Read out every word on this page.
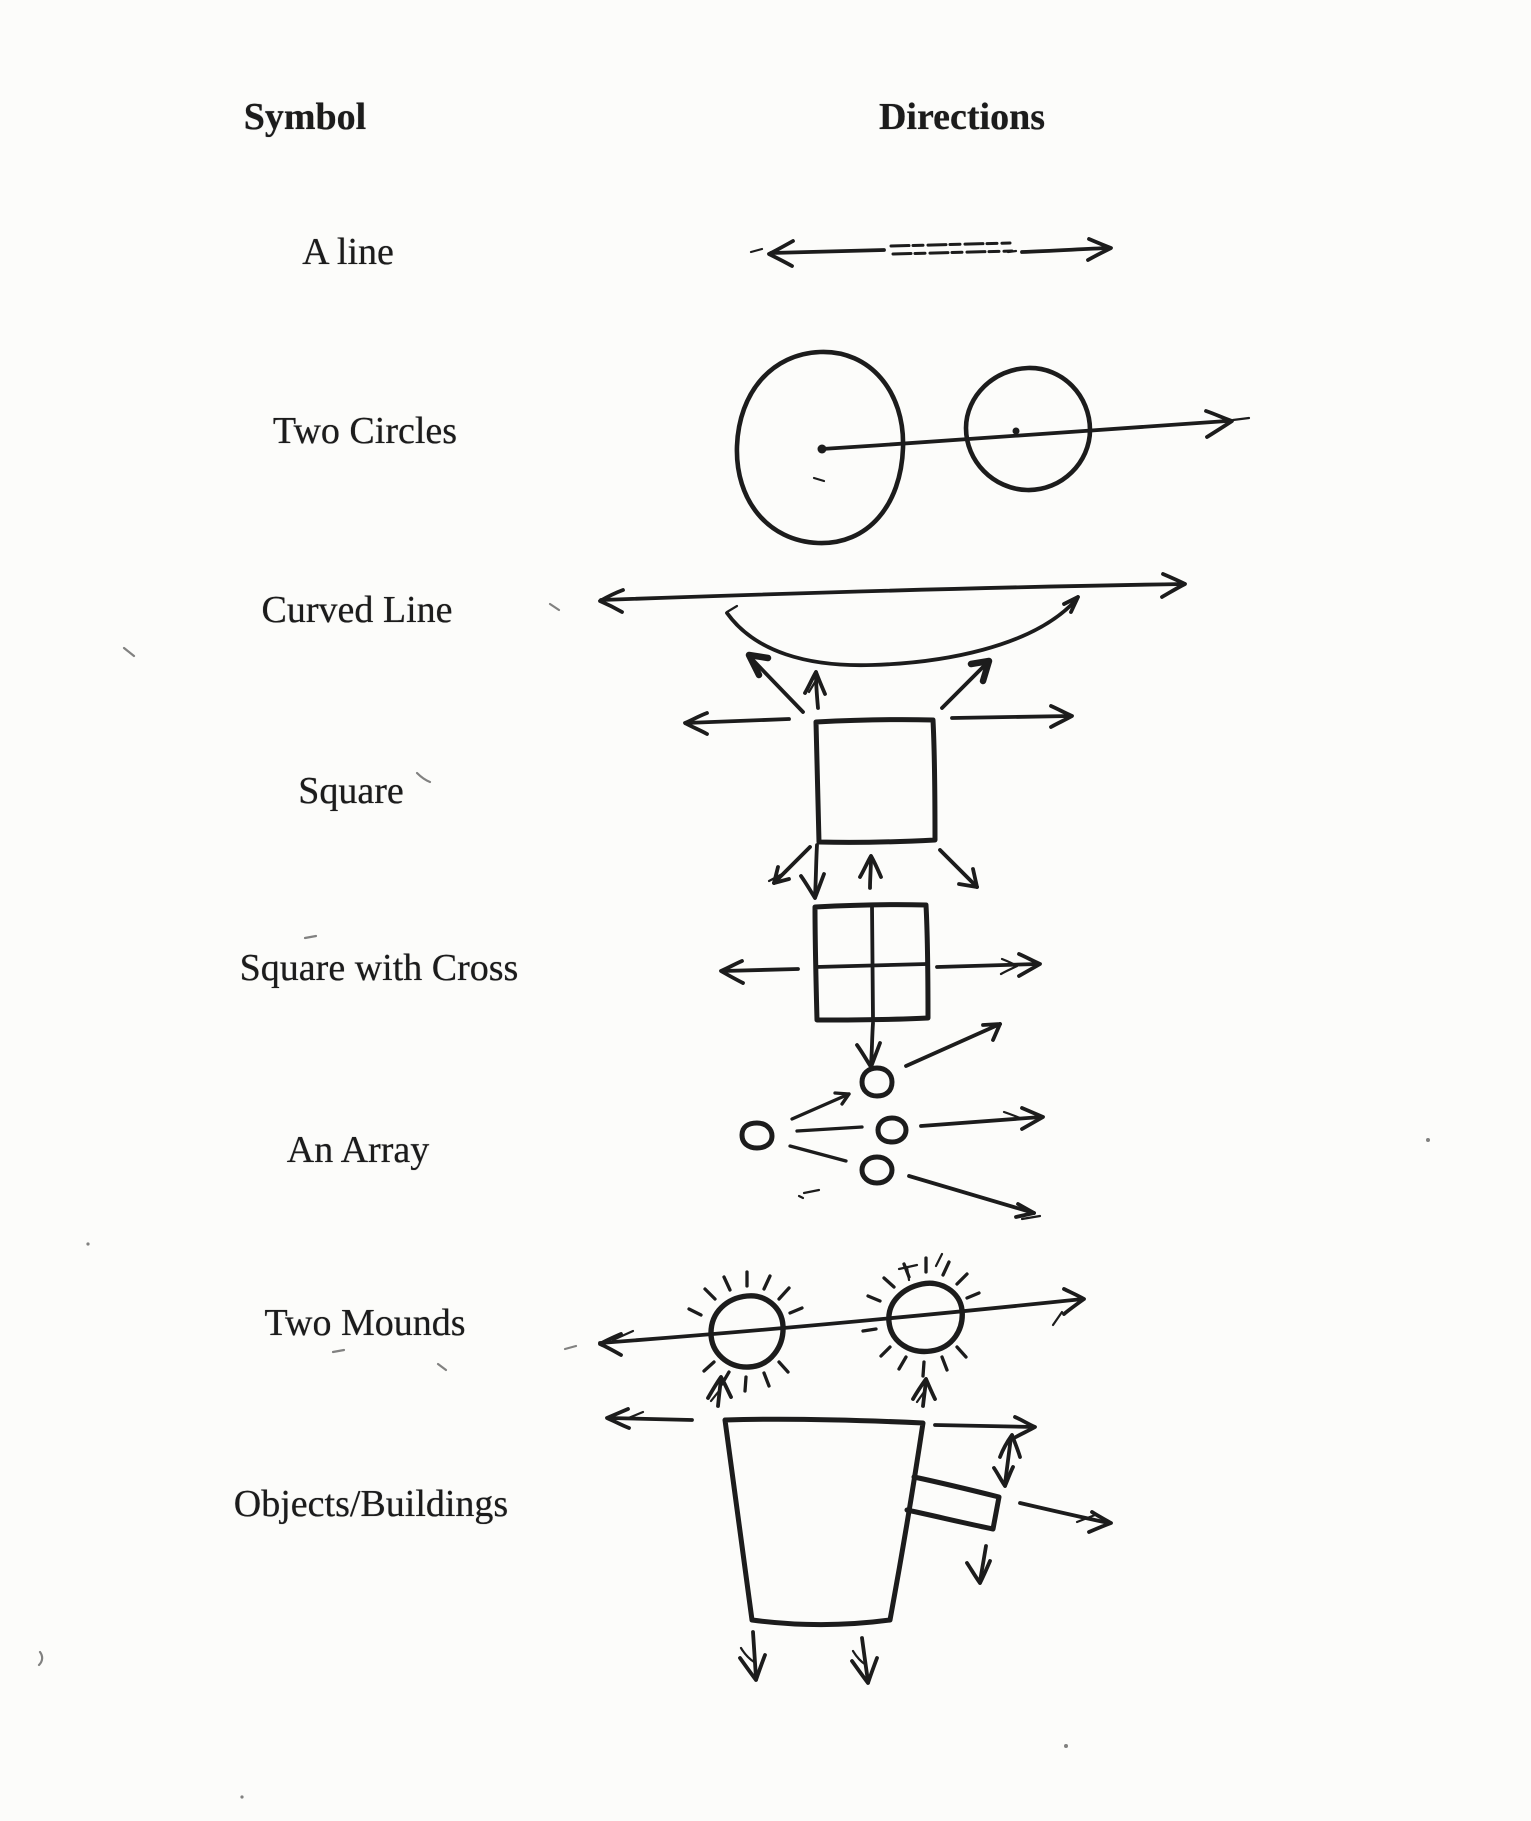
Symbol	Directions
A line
Two Circles
Curved Line
Square
Square with Cross
An Array
Two Mounds
Objects/Buildings
